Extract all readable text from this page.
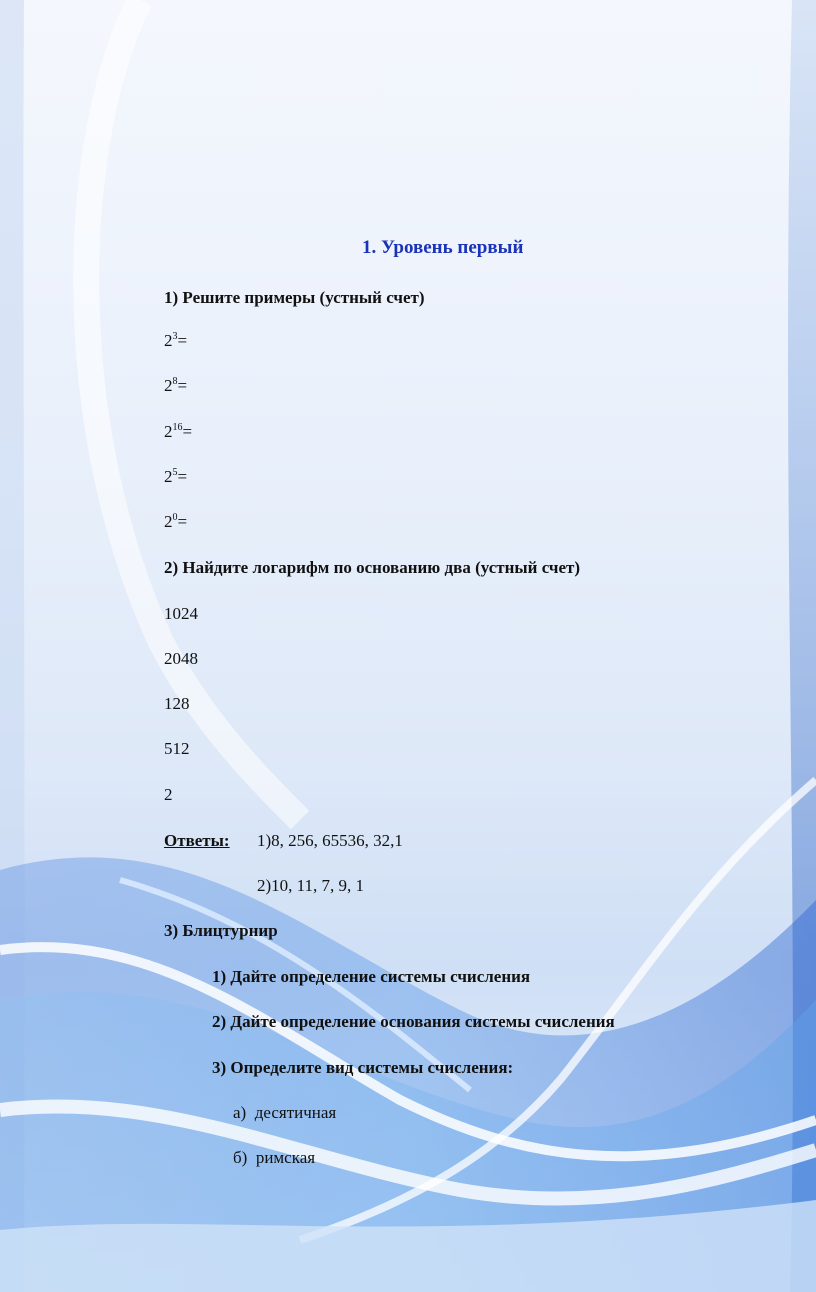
1. Уровень первый
1) Решите примеры (устный счет)
$2^3=$
$2^8=$
$2^{16}=$
$2^5=$
$2^0=$
2) Найдите логарифм по основанию два (устный счет)
1024
2048
128
512
2
Ответы: 1)8, 256, 65536, 32,1
2)10, 11, 7, 9, 1
3) Блицтурнир
1) Дайте определение системы счисления
2) Дайте определение основания системы счисления
3) Определите вид системы счисления:
а) десятичная
б) римская
